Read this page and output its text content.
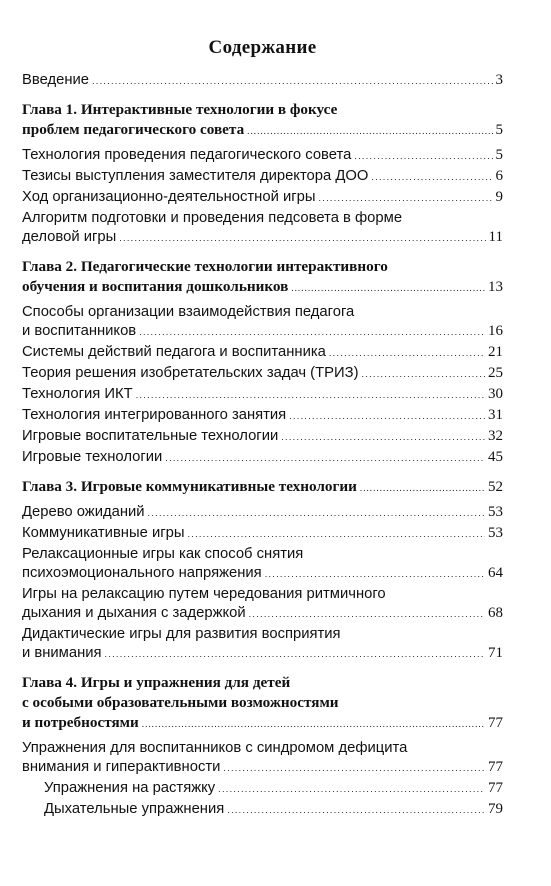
Содержание
Введение . . .	3
Глава 1. Интерактивные технологии в фокусе
проблем педагогического совета . . .	5
Технология проведения педагогического совета . . .	5
Тезисы выступления заместителя директора ДОО . . .	6
Ход организационно-деятельностной игры . . .	9
Алгоритм подготовки и проведения педсовета в форме
деловой игры . . .	11
Глава 2. Педагогические технологии интерактивного
обучения и воспитания дошкольников . . .	13
Способы организации взаимодействия педагога
и воспитанников . . .	16
Системы действий педагога и воспитанника . . .	21
Теория решения изобретательских задач (ТРИЗ) . . .	25
Технология ИКТ . . .	30
Технология интегрированного занятия . . .	31
Игровые воспитательные технологии . . .	32
Игровые технологии . . .	45
Глава 3. Игровые коммуникативные технологии . . .	52
Дерево ожиданий . . .	53
Коммуникативные игры . . .	53
Релаксационные игры как способ снятия
психоэмоционального напряжения . . .	64
Игры на релаксацию путем чередования ритмичного
дыхания и дыхания с задержкой . . .	68
Дидактические игры для развития восприятия
и внимания . . .	71
Глава 4. Игры и упражнения для детей
с особыми образовательными возможностями
и потребностями . . .	77
Упражнения для воспитанников с синдромом дефицита
внимания и гиперактивности . . .	77
Упражнения на растяжку . . .	77
Дыхательные упражнения . . .	79
